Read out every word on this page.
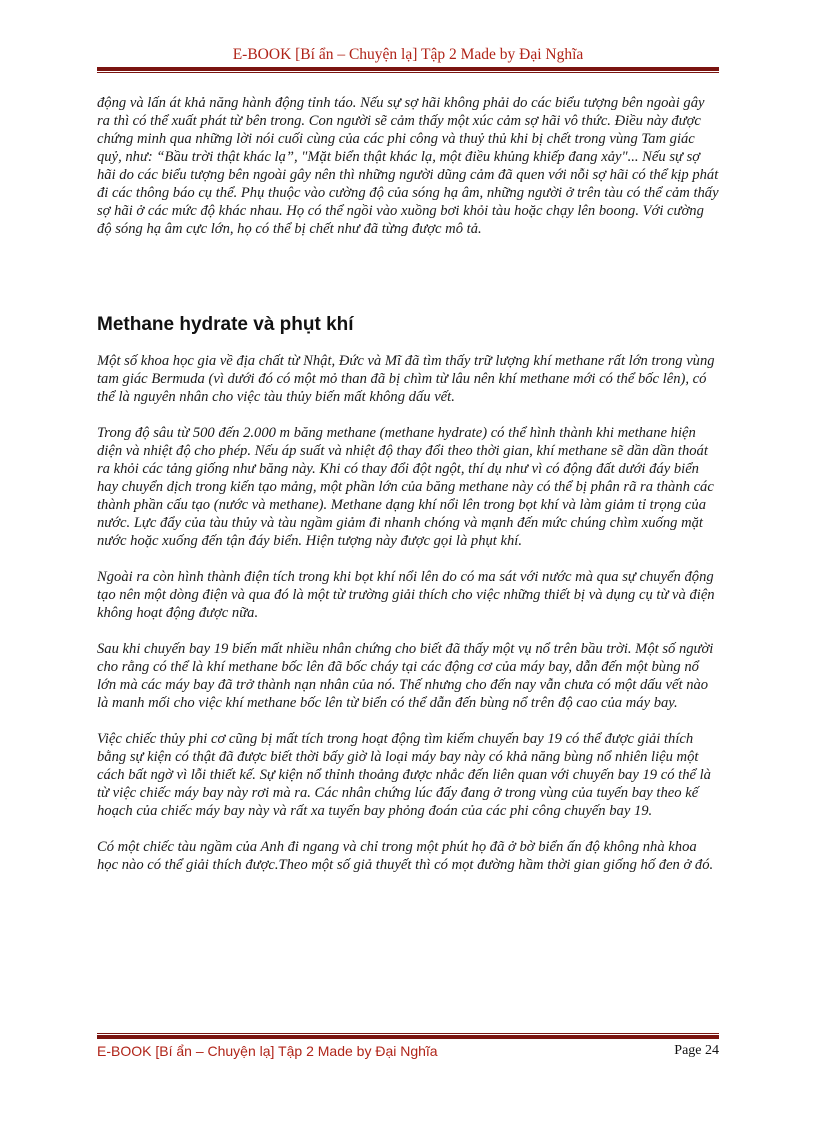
E-BOOK [Bí ẩn – Chuyện lạ] Tập 2 Made by Đại Nghĩa

động và lấn át khả năng hành động tỉnh táo. Nếu sự sợ hãi không phải do các biểu tượng bên ngoài gây ra thì có thể xuất phát từ bên trong. Con người sẽ cảm thấy một xúc cảm sợ hãi vô thức. Điều này được chứng minh qua những lời nói cuối cùng của các phi công và thuỷ thủ khi bị chết trong vùng Tam giác quỷ, như: “Bầu trời thật khác lạ”, "Mặt biển thật khác lạ, một điều khủng khiếp đang xảy"... Nếu sự sợ hãi do các biểu tượng bên ngoài gây nên thì những người dũng cảm đã quen với nỗi sợ hãi có thể kịp phát đi các thông báo cụ thể. Phụ thuộc vào cường độ của sóng hạ âm, những người ở trên tàu có thể cảm thấy sợ hãi ở các mức độ khác nhau. Họ có thể ngồi vào xuồng bơi khỏi tàu hoặc chạy lên boong. Với cường độ sóng hạ âm cực lớn, họ có thể bị chết như đã từng được mô tả.

Methane hydrate và phụt khí

Một số khoa học gia về địa chất từ Nhật, Đức và Mĩ đã tìm thấy trữ lượng khí methane rất lớn trong vùng tam giác Bermuda (vì dưới đó có một mỏ than đã bị chìm từ lâu nên khí methane mới có thể bốc lên), có thể là nguyên nhân cho việc tàu thủy biến mất không dấu vết.

Trong độ sâu từ 500 đến 2.000 m băng methane (methane hydrate) có thể hình thành khi methane hiện diện và nhiệt độ cho phép. Nếu áp suất và nhiệt độ thay đổi theo thời gian, khí methane sẽ dần dần thoát ra khỏi các tảng giống như băng này. Khi có thay đổi đột ngột, thí dụ như vì có động đất dưới đáy biển hay chuyển dịch trong kiến tạo mảng, một phần lớn của băng methane này có thể bị phân rã ra thành các thành phần cấu tạo (nước và methane). Methane dạng khí nổi lên trong bọt khí và làm giảm tỉ trọng của nước. Lực đẩy của tàu thủy và tàu ngầm giảm đi nhanh chóng và mạnh đến mức chúng chìm xuống mặt nước hoặc xuống đến tận đáy biển. Hiện tượng này được gọi là phụt khí.

Ngoài ra còn hình thành điện tích trong khi bọt khí nổi lên do có ma sát với nước mà qua sự chuyển động tạo nên một dòng điện và qua đó là một từ trường giải thích cho việc những thiết bị và dụng cụ từ và điện không hoạt động được nữa.

Sau khi chuyến bay 19 biến mất nhiều nhân chứng cho biết đã thấy một vụ nổ trên bầu trời. Một số người cho rằng có thể là khí methane bốc lên đã bốc cháy tại các động cơ của máy bay, dẫn đến một bùng nổ lớn mà các máy bay đã trở thành nạn nhân của nó. Thế nhưng cho đến nay vẫn chưa có một dấu vết nào là manh mối cho việc khí methane bốc lên từ biển có thể dẫn đến bùng nổ trên độ cao của máy bay.

Việc chiếc thủy phi cơ cũng bị mất tích trong hoạt động tìm kiếm chuyến bay 19 có thể được giải thích bằng sự kiện có thật đã được biết thời bấy giờ là loại máy bay này có khả năng bùng nổ nhiên liệu một cách bất ngờ vì lỗi thiết kế. Sự kiện nổ thỉnh thoảng được nhắc đến liên quan với chuyến bay 19 có thể là từ việc chiếc máy bay này rơi mà ra. Các nhân chứng lúc đấy đang ở trong vùng của tuyến bay theo kế hoạch của chiếc máy bay này và rất xa tuyến bay phỏng đoán của các phi công chuyến bay 19.

Có một chiếc tàu ngầm của Anh đi ngang và chỉ trong một phút họ đã ở bờ biển ấn độ không nhà khoa học nào có thể giải thích được.Theo một số giả thuyết thì có mọt đường hầm thời gian giống hố đen ở đó.

E-BOOK [Bí ẩn – Chuyện lạ] Tập 2 Made by Đại Nghĩa	Page 24
